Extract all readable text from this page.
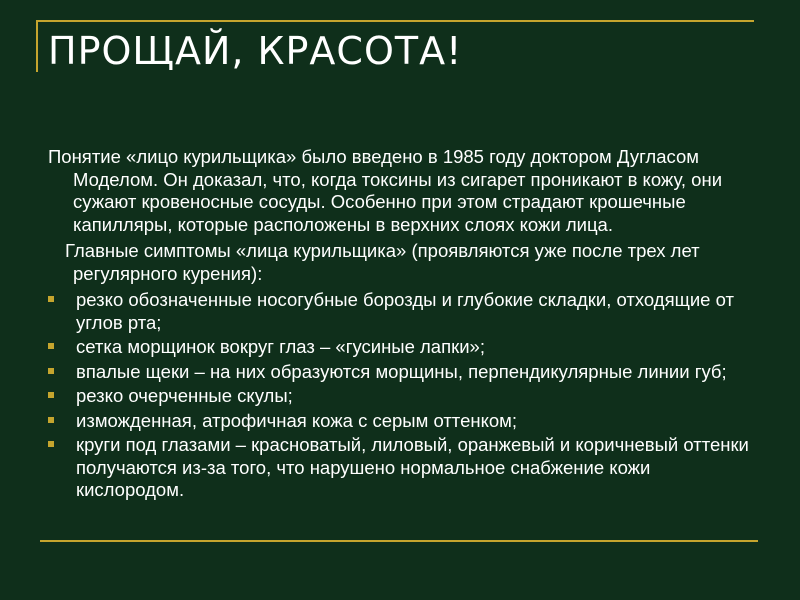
ПРОЩАЙ, КРАСОТА!

Понятие «лицо курильщика» было введено в 1985 году доктором Дугласом Моделом. Он доказал, что, когда токсины из сигарет проникают в кожу, они сужают кровеносные сосуды. Особенно при этом страдают крошечные капилляры, которые расположены в верхних слоях кожи лица.

Главные симптомы «лица курильщика» (проявляются уже после трех лет регулярного курения):

резко обозначенные носогубные борозды и глубокие складки, отходящие от углов рта;
сетка морщинок вокруг глаз – «гусиные лапки»;
впалые щеки – на них образуются морщины, перпендикулярные линии губ;
резко очерченные скулы;
изможденная, атрофичная кожа с серым оттенком;
круги под глазами – красноватый, лиловый, оранжевый и коричневый оттенки получаются из-за того, что нарушено нормальное снабжение кожи кислородом.
